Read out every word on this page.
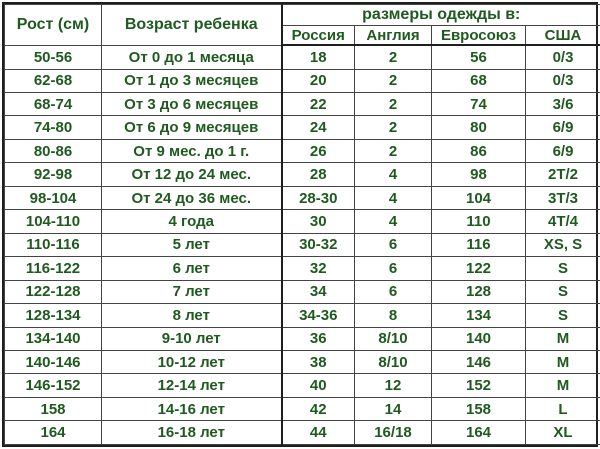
Рост (см)	Возраст ребенка	размеры одежды в:			
		Россия	Англия	Евросоюз	США
50-56	От 0 до 1 месяца	18	2	56	0/3
62-68	От 1 до 3 месяцев	20	2	68	0/3
68-74	От 3 до 6 месяцев	22	2	74	3/6
74-80	От 6 до 9 месяцев	24	2	80	6/9
80-86	От 9 мес. до 1 г.	26	2	86	6/9
92-98	От 12 до 24 мес.	28	4	98	2Т/2
98-104	От 24 до 36 мес.	28-30	4	104	3Т/3
104-110	4 года	30	4	110	4Т/4
110-116	5 лет	30-32	6	116	XS, S
116-122	6 лет	32	6	122	S
122-128	7 лет	34	6	128	S
128-134	8 лет	34-36	8	134	S
134-140	9-10 лет	36	8/10	140	M
140-146	10-12 лет	38	8/10	146	M
146-152	12-14 лет	40	12	152	M
158	14-16 лет	42	14	158	L
164	16-18 лет	44	16/18	164	XL
